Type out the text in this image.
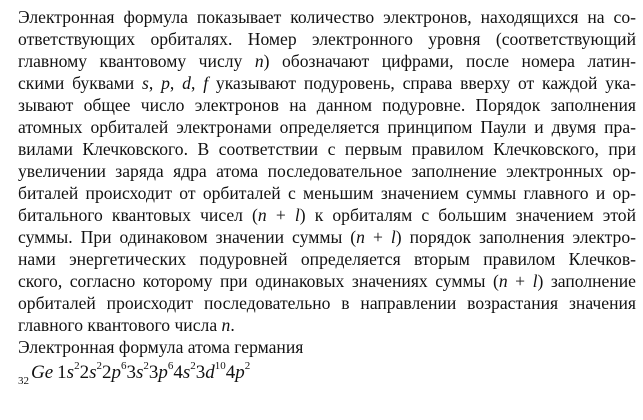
Электронная формула показывает количество электронов, находящихся на со-
ответствующих орбиталях. Номер электронного уровня (соответствующий
главному квантовому числу n) обозначают цифрами, после номера латин-
скими буквами s, p, d, f указывают подуровень, справа вверху от каждой ука-
зывают общее число электронов на данном подуровне. Порядок заполнения
атомных орбиталей электронами определяется принципом Паули и двумя пра-
вилами Клечковского. В соответствии с первым правилом Клечковского, при
увеличении заряда ядра атома последовательное заполнение электронных ор-
биталей происходит от орбиталей с меньшим значением суммы главного и ор-
битального квантовых чисел (n + l) к орбиталям с большим значением этой
суммы. При одинаковом значении суммы (n + l) порядок заполнения электро-
нами энергетических подуровней определяется вторым правилом Клечков-
ского, согласно которому при одинаковых значениях суммы (n + l) заполнение
орбиталей происходит последовательно в направлении возрастания значения
главного квантового числа n.

Электронная формула атома германия

$_{32}$ Ge $1s^22s^22p^63s^23p^64s^23d^{10}4p^2$
